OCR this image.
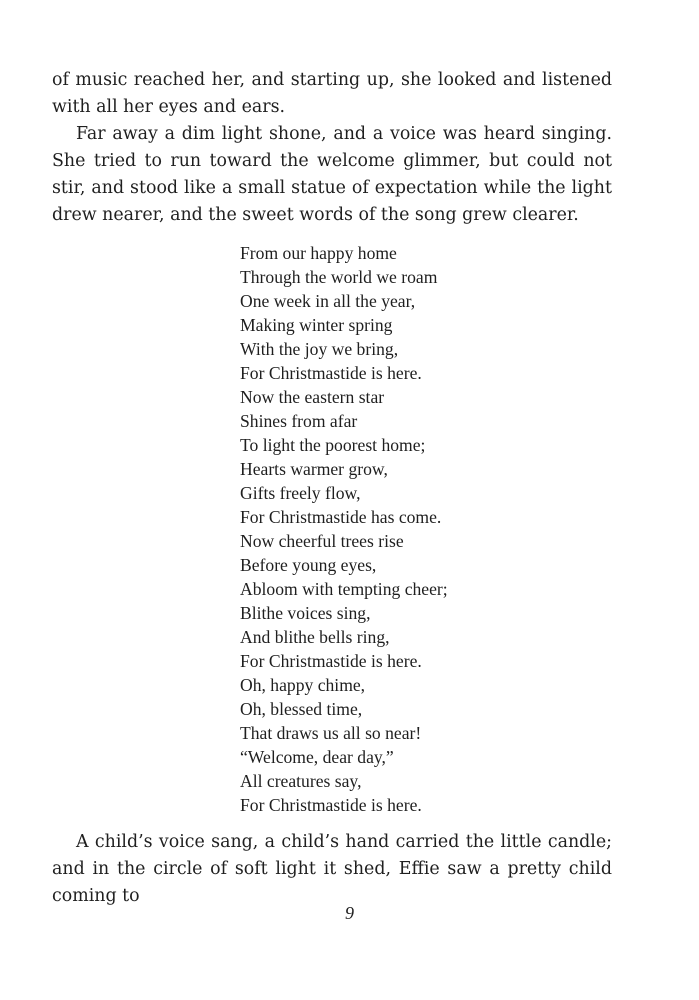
of music reached her, and starting up, she looked and listened
with all her eyes and ears.

Far away a dim light shone, and a voice was heard singing. She tried to run toward the welcome glimmer, but could not stir, and stood like a small statue of expectation while the light drew nearer, and the sweet words of the song grew clearer.

From our happy home
Through the world we roam
One week in all the year,
Making winter spring
With the joy we bring,
For Christmastide is here.
Now the eastern star
Shines from afar
To light the poorest home;
Hearts warmer grow,
Gifts freely flow,
For Christmastide has come.
Now cheerful trees rise
Before young eyes,
Abloom with tempting cheer;
Blithe voices sing,
And blithe bells ring,
For Christmastide is here.
Oh, happy chime,
Oh, blessed time,
That draws us all so near!
“Welcome, dear day,”
All creatures say,
For Christmastide is here.

A child’s voice sang, a child’s hand carried the little candle; and in the circle of soft light it shed, Effie saw a pretty child coming to

9
